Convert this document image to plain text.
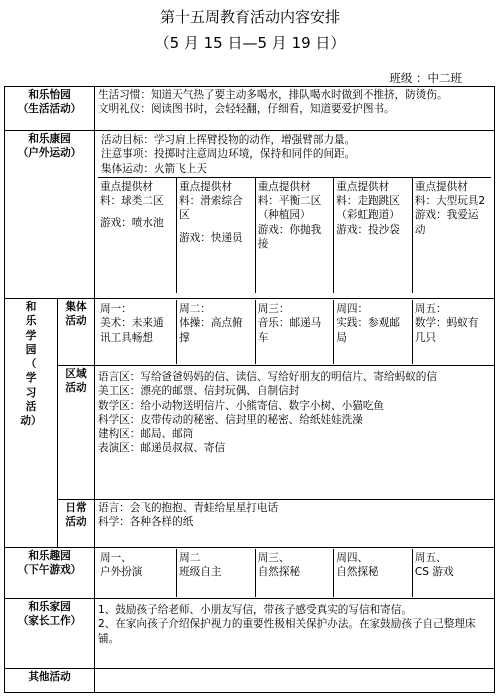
第十五周教育活动内容安排
（5 月 15 日—5 月 19 日）
班级 ：中二班
和乐怡园
（生活活动）

生活习惯：知道天气热了要主动多喝水，排队喝水时做到不推挤，防烫伤。
文明礼仪：阅读图书时，会轻轻翻，仔细看，知道要爱护图书。

和乐康园
（户外运动）

活动目标：学习肩上挥臂投物的动作，增强臂部力量。
注意事项：投掷时注意周边环境，保持和同伴的间距。
集体运动：火箭飞上天
重点提供材料：球类二区
游戏：喷水池

重点提供材料：滑索综合区
游戏：快递员

重点提供材料：平衡二区（种植园）
游戏：你抛我接

重点提供材料：走跑跳区（彩虹跑道）
游戏：投沙袋

重点提供材料：大型玩具2
游戏：我爱运动

和
乐
学
园
（
学
习
活
动）
	集体活动	
周一：
美术：未来通讯工具畅想

周二：
体操：高点俯撑

周三：
音乐：邮递马车

周四：
实践：参观邮局

周五：
数学：蚂蚁有几只

区域活动	
语言区：写给爸爸妈妈的信、读信、写给好朋友的明信片、寄给蚂蚁的信
美工区：漂亮的邮票、信封玩偶、自制信封
数学区：给小动物送明信片、小熊寄信、数字小树、小猫吃鱼
科学区：皮带传动的秘密、信封里的秘密、给纸娃娃洗澡
建构区：邮局、邮筒
表演区：邮递员叔叔、寄信

日常活动	
语言：会飞的抱抱、青蛙给星星打电话
科学：各种各样的纸

和乐趣园
（下午游戏）

周一、
户外扮演

周二
班级自主

周三、
自然探秘

周四、
自然探秘

周五、
CS 游戏

和乐家园
（家长工作）

1、鼓励孩子给老师、小朋友写信，带孩子感受真实的写信和寄信。
2、在家向孩子介绍保护视力的重要性极相关保护办法。在家鼓励孩子自己整理床铺。

其他活动	
